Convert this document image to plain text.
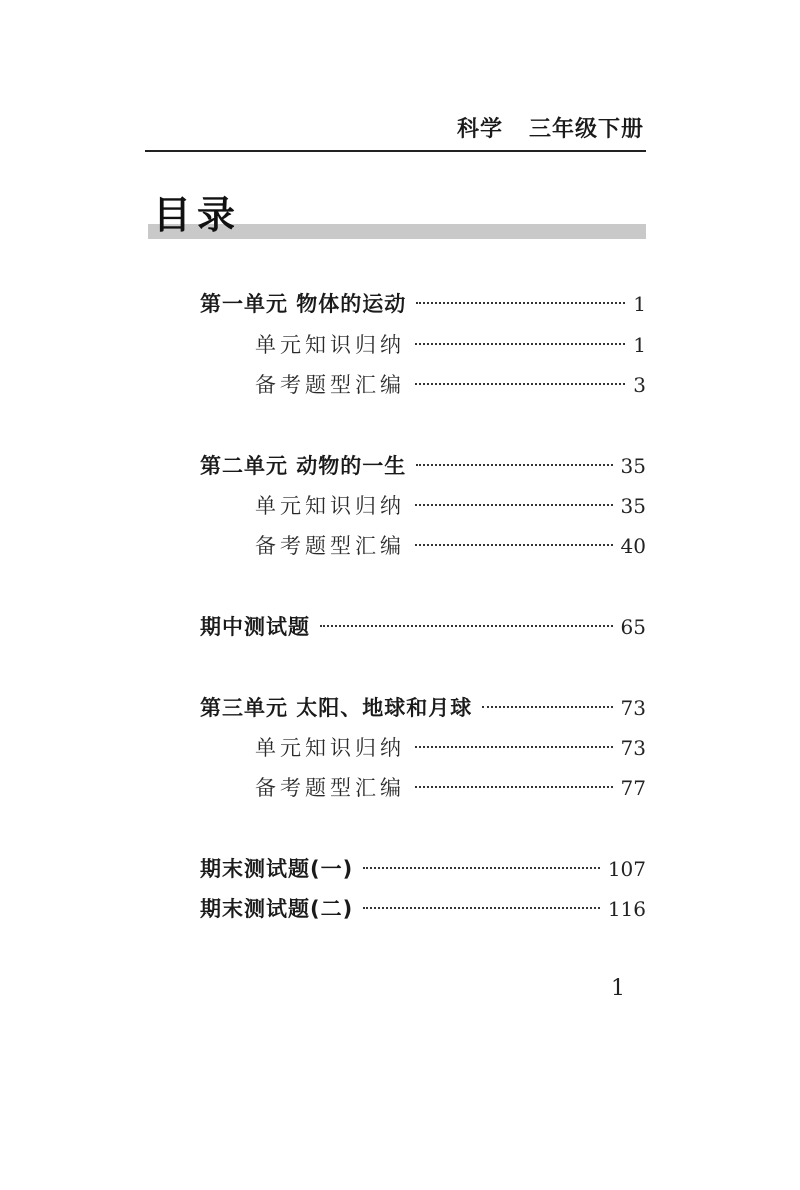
科学   三年级下册
目录
第一单元 物体的运动	1
单元知识归纳	1
备考题型汇编	3
第二单元 动物的一生	35
单元知识归纳	35
备考题型汇编	40
期中测试题	65
第三单元 太阳、地球和月球	73
单元知识归纳	73
备考题型汇编	77
期末测试题(一)	107
期末测试题(二)	116
1
